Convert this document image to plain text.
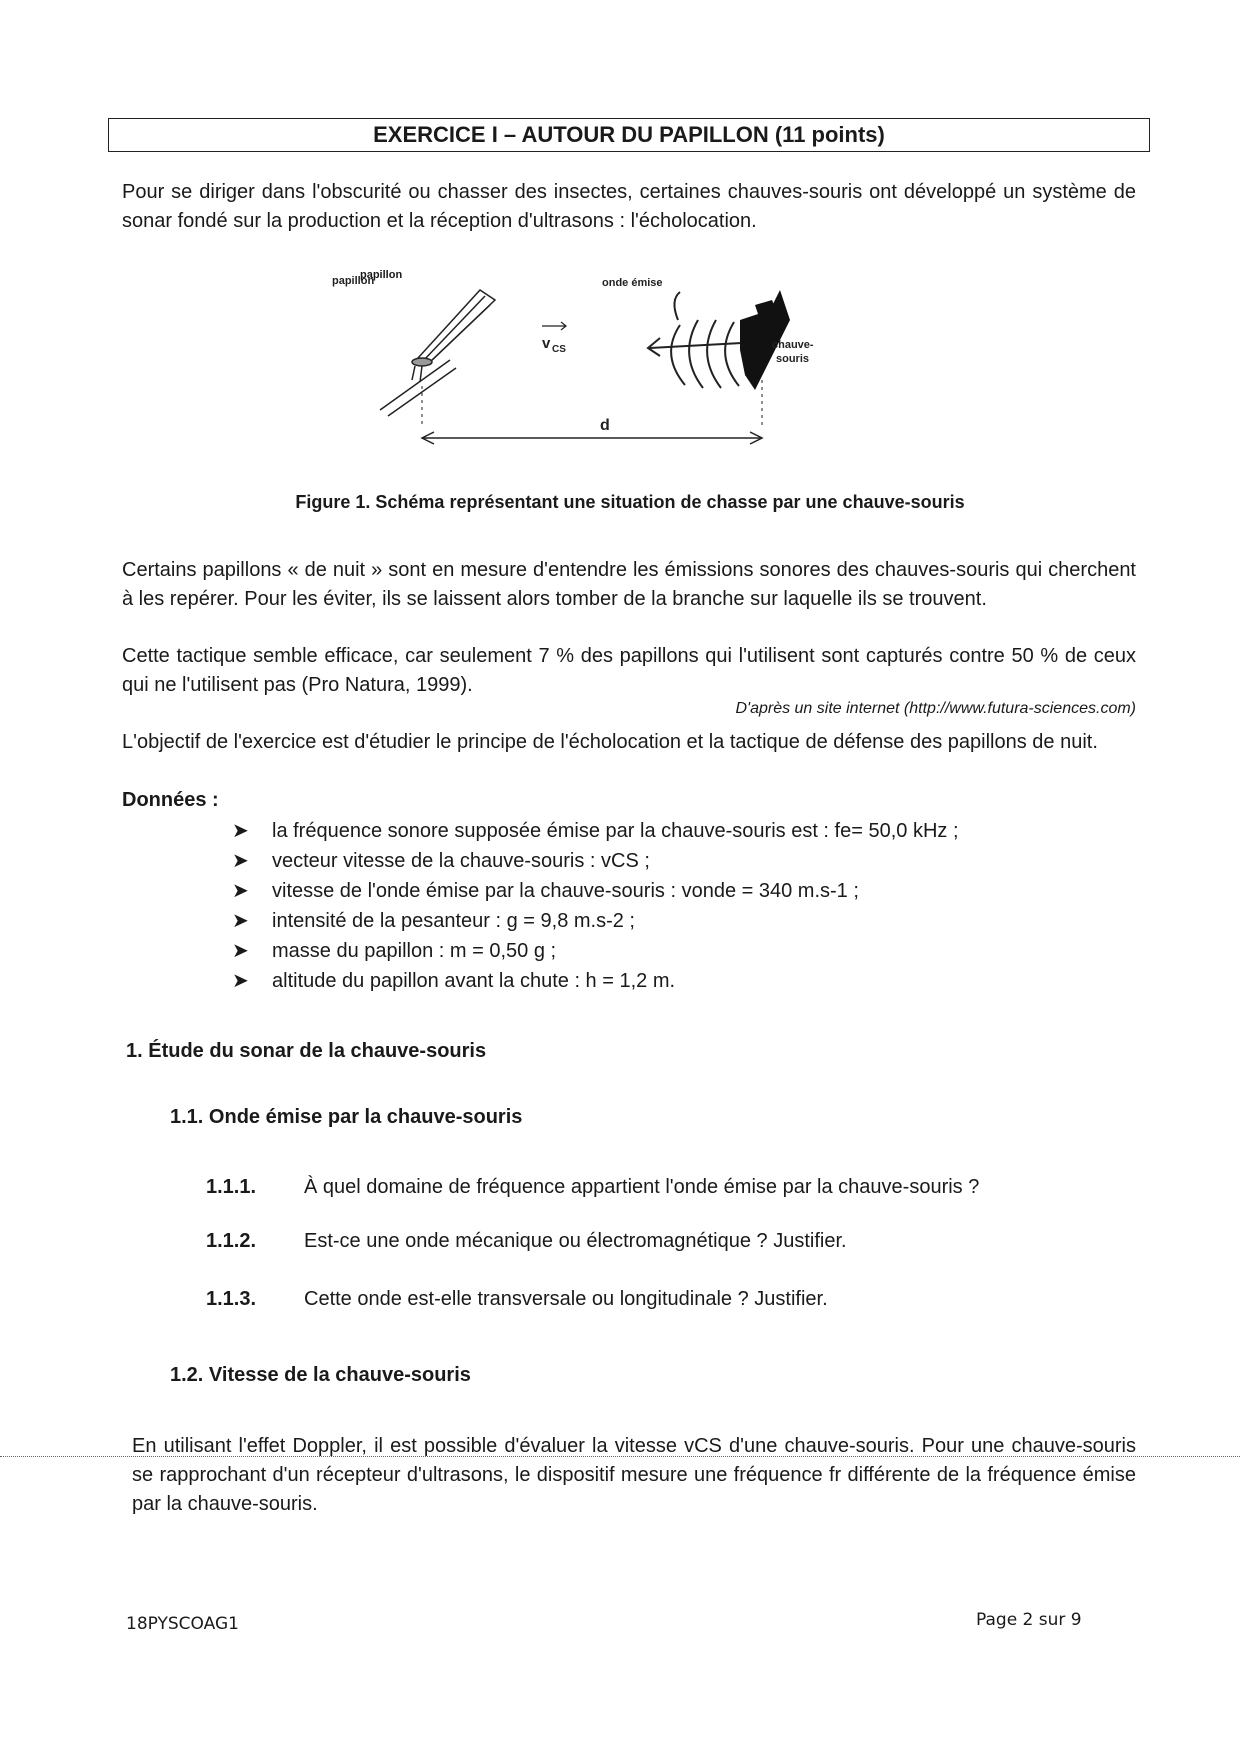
EXERCICE I – AUTOUR DU PAPILLON (11 points)
Pour se diriger dans l'obscurité ou chasser des insectes, certaines chauves-souris ont développé un système de sonar fondé sur la production et la réception d'ultrasons : l'écholocation.
papillon	onde émise
v CS	chauve-
souris
d
papillon
Figure 1. Schéma représentant une situation de chasse par une chauve-souris
Certains papillons « de nuit » sont en mesure d'entendre les émissions sonores des chauves-souris qui cherchent à les repérer. Pour les éviter, ils se laissent alors tomber de la branche sur laquelle ils se trouvent.
Cette tactique semble efficace, car seulement 7 % des papillons qui l'utilisent sont capturés contre 50 % de ceux qui ne l'utilisent pas (Pro Natura, 1999).
D'après un site internet (http://www.futura-sciences.com)
L'objectif de l'exercice est d'étudier le principe de l'écholocation et la tactique de défense des papillons de nuit.
Données :
➤ la fréquence sonore supposée émise par la chauve-souris est : fe= 50,0 kHz ;
➤ vecteur vitesse de la chauve-souris : vCS ;
➤ vitesse de l'onde émise par la chauve-souris : vonde = 340 m.s-1 ;
➤ intensité de la pesanteur : g = 9,8 m.s-2 ;
➤ masse du papillon : m = 0,50 g ;
➤ altitude du papillon avant la chute : h = 1,2 m.
1. Étude du sonar de la chauve-souris
1.1. Onde émise par la chauve-souris
1.1.1. À quel domaine de fréquence appartient l'onde émise par la chauve-souris ?
1.1.2. Est-ce une onde mécanique ou électromagnétique ? Justifier.
1.1.3. Cette onde est-elle transversale ou longitudinale ? Justifier.
1.2. Vitesse de la chauve-souris
En utilisant l'effet Doppler, il est possible d'évaluer la vitesse vCS d'une chauve-souris. Pour une chauve-souris se rapprochant d'un récepteur d'ultrasons, le dispositif mesure une fréquence fr différente de la fréquence émise par la chauve-souris.
18PYSCOAG1	Page 2 sur 9
